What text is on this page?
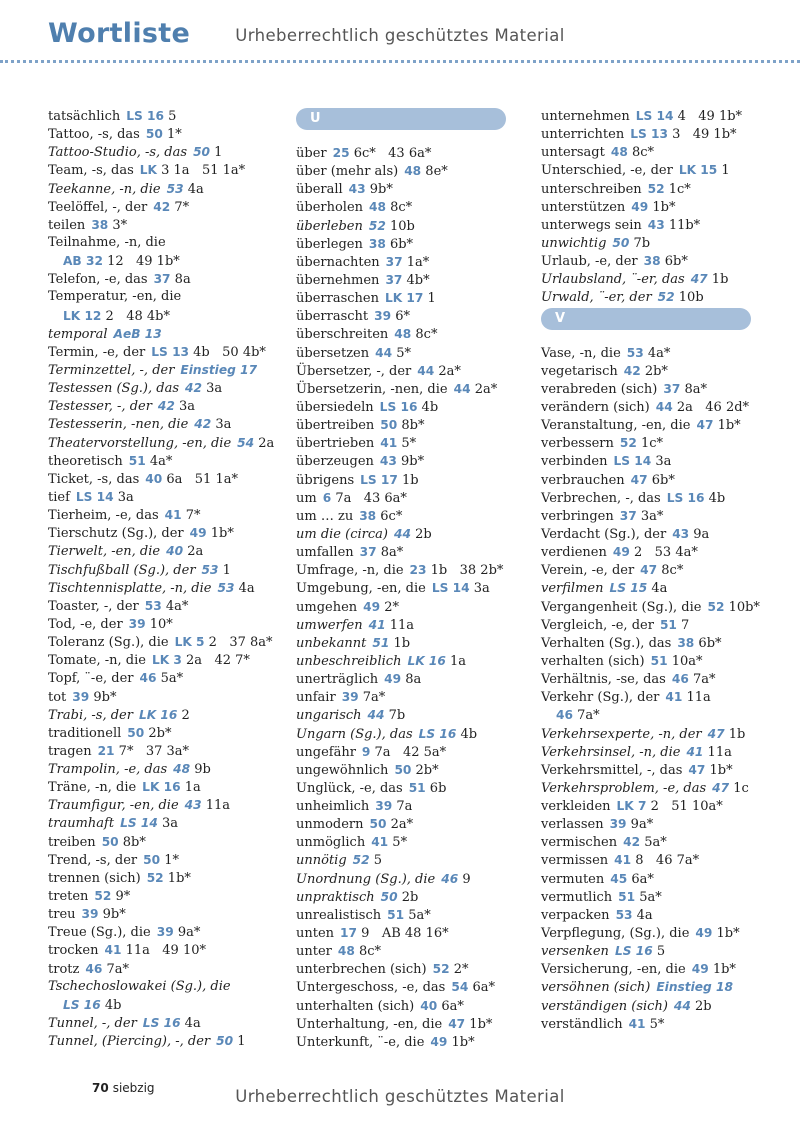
Wortliste	Urheberrechtlich geschütztes Material
tatsächlich LS 16 5
Tattoo, -s, das 50 1*
Tattoo-Studio, -s, das 50 1
Team, -s, das LK 3 1a   51 1a*
Teekanne, -n, die 53 4a
Teelöffel, -, der 42 7*
teilen 38 3*
Teilnahme, -n, die
AB 32 12   49 1b*
Telefon, -e, das 37 8a
Temperatur, -en, die
LK 12 2   48 4b*
temporal AeB 13
Termin, -e, der LS 13 4b   50 4b*
Terminzettel, -, der Einstieg 17
Testessen (Sg.), das 42 3a
Testesser, -, der 42 3a
Testesserin, -nen, die 42 3a
Theatervorstellung, -en, die 54 2a
theoretisch 51 4a*
Ticket, -s, das 40 6a   51 1a*
tief LS 14 3a
Tierheim, -e, das 41 7*
Tierschutz (Sg.), der 49 1b*
Tierwelt, -en, die 40 2a
Tischfußball (Sg.), der 53 1
Tischtennisplatte, -n, die 53 4a
Toaster, -, der 53 4a*
Tod, -e, der 39 10*
Toleranz (Sg.), die LK 5 2   37 8a*
Tomate, -n, die LK 3 2a   42 7*
Topf, ¨-e, der 46 5a*
tot 39 9b*
Trabi, -s, der LK 16 2
traditionell 50 2b*
tragen 21 7*   37 3a*
Trampolin, -e, das 48 9b
Träne, -n, die LK 16 1a
Traumfigur, -en, die 43 11a
traumhaft LS 14 3a
treiben 50 8b*
Trend, -s, der 50 1*
trennen (sich) 52 1b*
treten 52 9*
treu 39 9b*
Treue (Sg.), die 39 9a*
trocken 41 11a   49 10*
trotz 46 7a*
Tschechoslowakei (Sg.), die
LS 16 4b
Tunnel, -, der LS 16 4a
Tunnel, (Piercing), -, der 50 1
U
über 25 6c*   43 6a*
über (mehr als) 48 8e*
überall 43 9b*
überholen 48 8c*
überleben 52 10b
überlegen 38 6b*
übernachten 37 1a*
übernehmen 37 4b*
überraschen LK 17 1
überrascht 39 6*
überschreiten 48 8c*
übersetzen 44 5*
Übersetzer, -, der 44 2a*
Übersetzerin, -nen, die 44 2a*
übersiedeln LS 16 4b
übertreiben 50 8b*
übertrieben 41 5*
überzeugen 43 9b*
übrigens LS 17 1b
um 6 7a   43 6a*
um … zu 38 6c*
um die (circa) 44 2b
umfallen 37 8a*
Umfrage, -n, die 23 1b   38 2b*
Umgebung, -en, die LS 14 3a
umgehen 49 2*
umwerfen 41 11a
unbekannt 51 1b
unbeschreiblich LK 16 1a
unerträglich 49 8a
unfair 39 7a*
ungarisch 44 7b
Ungarn (Sg.), das LS 16 4b
ungefähr 9 7a   42 5a*
ungewöhnlich 50 2b*
Unglück, -e, das 51 6b
unheimlich 39 7a
unmodern 50 2a*
unmöglich 41 5*
unnötig 52 5
Unordnung (Sg.), die 46 9
unpraktisch 50 2b
unrealistisch 51 5a*
unten 17 9   AB 48 16*
unter 48 8c*
unterbrechen (sich) 52 2*
Untergeschoss, -e, das 54 6a*
unterhalten (sich) 40 6a*
Unterhaltung, -en, die 47 1b*
Unterkunft, ¨-e, die 49 1b*
unternehmen LS 14 4   49 1b*
unterrichten LS 13 3   49 1b*
untersagt 48 8c*
Unterschied, -e, der LK 15 1
unterschreiben 52 1c*
unterstützen 49 1b*
unterwegs sein 43 11b*
unwichtig 50 7b
Urlaub, -e, der 38 6b*
Urlaubsland, ¨-er, das 47 1b
Urwald, ¨-er, der 52 10b
V
Vase, -n, die 53 4a*
vegetarisch 42 2b*
verabreden (sich) 37 8a*
verändern (sich) 44 2a   46 2d*
Veranstaltung, -en, die 47 1b*
verbessern 52 1c*
verbinden LS 14 3a
verbrauchen 47 6b*
Verbrechen, -, das LS 16 4b
verbringen 37 3a*
Verdacht (Sg.), der 43 9a
verdienen 49 2   53 4a*
Verein, -e, der 47 8c*
verfilmen LS 15 4a
Vergangenheit (Sg.), die 52 10b*
Vergleich, -e, der 51 7
Verhalten (Sg.), das 38 6b*
verhalten (sich) 51 10a*
Verhältnis, -se, das 46 7a*
Verkehr (Sg.), der 41 11a
46 7a*
Verkehrsexperte, -n, der 47 1b
Verkehrsinsel, -n, die 41 11a
Verkehrsmittel, -, das 47 1b*
Verkehrsproblem, -e, das 47 1c
verkleiden LK 7 2   51 10a*
verlassen 39 9a*
vermischen 42 5a*
vermissen 41 8   46 7a*
vermuten 45 6a*
vermutlich 51 5a*
verpacken 53 4a
Verpflegung, (Sg.), die 49 1b*
versenken LS 16 5
Versicherung, -en, die 49 1b*
versöhnen (sich) Einstieg 18
verständigen (sich) 44 2b
verständlich 41 5*
70 siebzig	Urheberrechtlich geschütztes Material
